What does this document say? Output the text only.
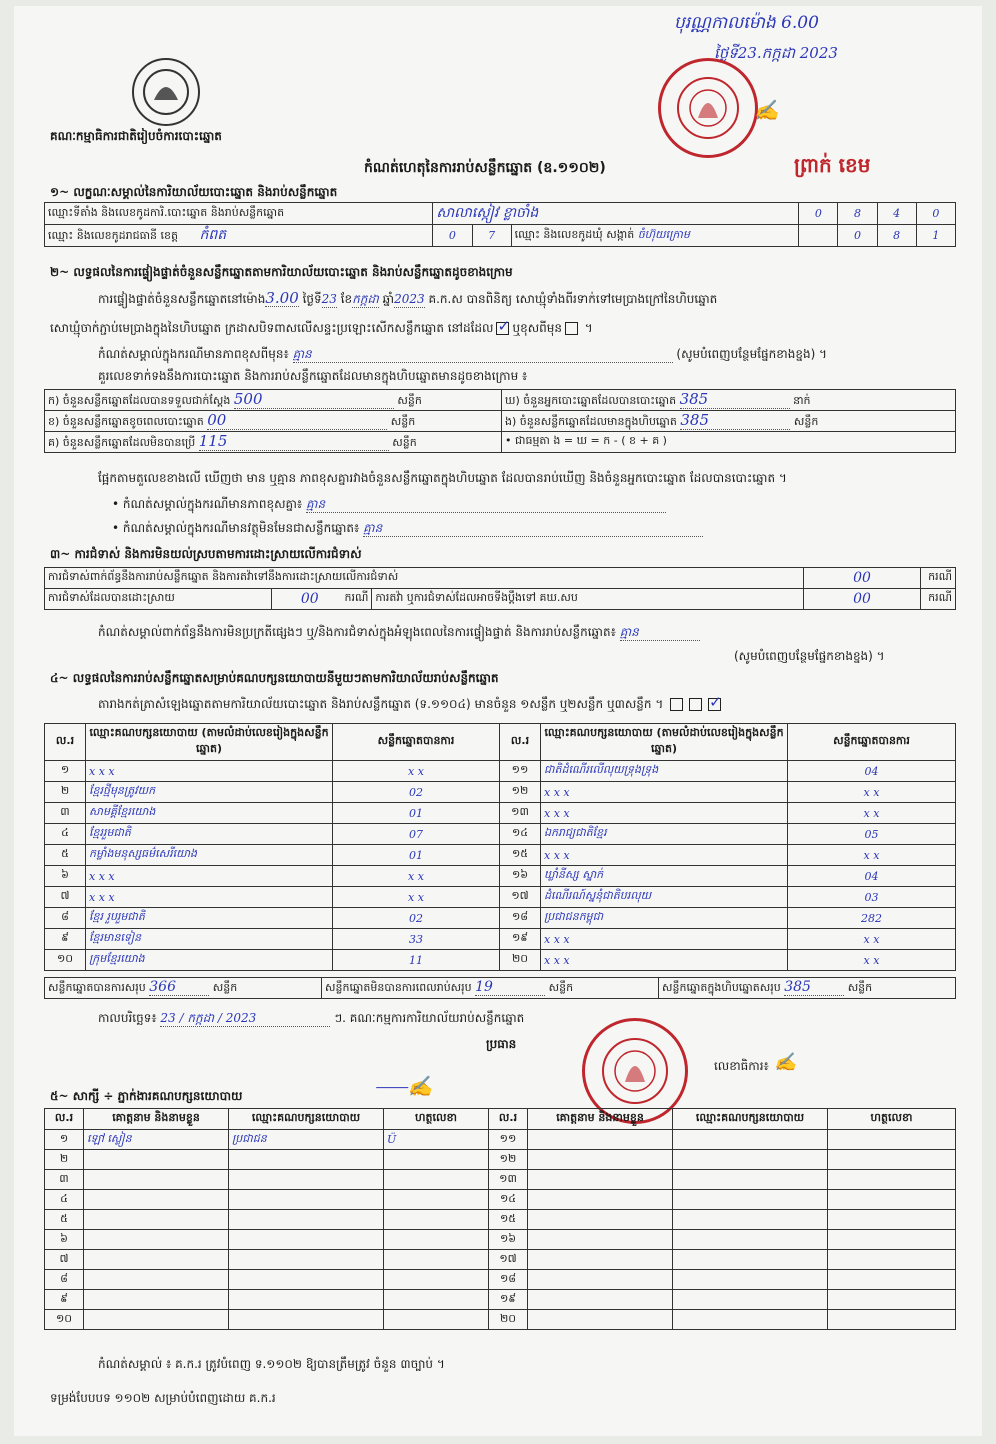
បុរណ្ណកាលម៉ោង 6.00
ថ្ងៃទី23.កក្កដា 2023
គណៈកម្មាធិការជាតិរៀបចំការបោះឆ្នោត
✍
ព្រាក់ ខេម
កំណត់ហេតុនៃការរាប់សន្លឹកឆ្នោត (ឧ.១១០២)
១~ លក្ខណៈសម្គាល់នៃការិយាល័យបោះឆ្នោត និងរាប់សន្លឹកឆ្នោត
ឈ្មោះទីតាំង និងលេខកូដការិ.បោះឆ្នោត និងរាប់សន្លឹកឆ្នោត	សាលាស្កៀវ ខ្លាចាំង			0	8	4	0
ឈ្មោះ និងលេខកូដរាជធានី ខេត្ត កំពត	0	7	ឈ្មោះ និងលេខកូដឃុំ សង្កាត់ ចំហ៊ុយក្រោម		0	8	1
២~ លទ្ធផលនៃការផ្ទៀងផ្ទាត់ចំនួនសន្លឹកឆ្នោតតាមការិយាល័យបោះឆ្នោត និងរាប់សន្លឹកឆ្នោតដូចខាងក្រោម
ការផ្ទៀងផ្ទាត់ចំនួនសន្លឹកឆ្នោតនៅម៉ោង3.00 ថ្ងៃទី23 ខែកក្កដា ឆ្នាំ2023 គ.ក.ស បានពិនិត្យ សោឃ្មុំទាំងពីរទាក់ទៅមេប្រាងក្រៅនៃហិបឆ្នោត
សោឃ្មុំចាក់ភ្ជាប់មេប្រាងក្នុងនៃហិបឆ្នោត ក្រដាសបិទពាសលើសន្ទះប្រឡោះសើកសន្លឹកឆ្នោត នៅដដែល ✓ ឬខុសពីមុន ។
កំណត់សម្គាល់ក្នុងករណីមានភាពខុសពីមុន៖ គ្មាន	(សូមបំពេញបន្ថែមផ្នែកខាងខ្នង) ។
គួរលេខទាក់ទងនឹងការបោះឆ្នោត និងការរាប់សន្លឹកឆ្នោតដែលមានក្នុងហិបឆ្នោតមានដូចខាងក្រោម ៖
ក) ចំនួនសន្លឹកឆ្នោតដែលបានទទួលជាក់ស្តែង 500 សន្លឹក	ឃ) ចំនួនអ្នកបោះឆ្នោតដែលបានបោះឆ្នោត 385 នាក់
ខ) ចំនួនសន្លឹកឆ្នោតខូចពេលបោះឆ្នោត 00 សន្លឹក	ង) ចំនួនសន្លឹកឆ្នោតដែលមានក្នុងហិបឆ្នោត 385 សន្លឹក
គ) ចំនួនសន្លឹកឆ្នោតដែលមិនបានប្រើ 115 សន្លឹក	• ជាធម្មតា ង = ឃ = ក - ( ខ + គ )
ផ្អែកតាមតួលេខខាងលើ ឃើញថា មាន ឬគ្មាន ភាពខុសគ្នារវាងចំនួនសន្លឹកឆ្នោតក្នុងហិបឆ្នោត ដែលបានរាប់ឃើញ និងចំនួនអ្នកបោះឆ្នោត ដែលបានបោះឆ្នោត ។
• កំណត់សម្គាល់ក្នុងករណីមានភាពខុសគ្នា៖ គ្មាន
• កំណត់សម្គាល់ក្នុងករណីមានវត្ថុមិនមែនជាសន្លឹកឆ្នោត៖ គ្មាន
៣~ ការជំទាស់ និងការមិនយល់ស្របតាមការដោះស្រាយលើការជំទាស់
ការជំទាស់ពាក់ព័ន្ធនឹងការរាប់សន្លឹកឆ្នោត និងការតវ៉ាទៅនឹងការដោះស្រាយលើការជំទាស់			00	ករណី
ការជំទាស់ដែលបានដោះស្រាយ	00 ករណី	ការតវ៉ា ឬការជំទាស់ដែលអាចទីងប្តឹងទៅ គឃ.សប	00	ករណី
កំណត់សម្គាល់ពាក់ព័ន្ធនឹងការមិនប្រក្រតីផ្សេងៗ ឬ/និងការជំទាស់ក្នុងអំឡុងពេលនៃការផ្ទៀងផ្ទាត់ និងការរាប់សន្លឹកឆ្នោត៖ គ្មាន
(សូមបំពេញបន្ថែមផ្នែកខាងខ្នង) ។
៤~ លទ្ធផលនៃការរាប់សន្លឹកឆ្នោតសម្រាប់គណបក្សនយោបាយនីមួយៗតាមការិយាល័យរាប់សន្លឹកឆ្នោត
តារាងកត់ត្រាសំឡេងឆ្នោតតាមការិយាល័យបោះឆ្នោត និងរាប់សន្លឹកឆ្នោត (ទ.១១០៤) មានចំនួន ១សន្លឹក ឬ២សន្លឹក ឬ៣សន្លឹក ។ ✓
ល.រ	ឈ្មោះគណបក្សនយោបាយ (តាមលំដាប់លេខរៀងក្នុងសន្លឹកឆ្នោត)	សន្លឹកឆ្នោតបានការ	ល.រ	ឈ្មោះគណបក្សនយោបាយ (តាមលំដាប់លេខរៀងក្នុងសន្លឹកឆ្នោត)	សន្លឹកឆ្នោតបានការ
១	x x x	x x	១១	ជាតិដំណើរលើលុយទ្រុងទ្រុង	04
២	ខ្មែរថ្មីមុនត្រូវយក	02	១២	x x x	x x
៣	សាមគ្គីខ្មែរយោង	01	១៣	x x x	x x
៤	ខ្មែររួមជាតិ	07	១៤	ឯករាជ្យជាតិខ្មែរ	05
៥	កម្លាំងមនុស្សធម៌សេរីយោង	01	១៥	x x x	x x
៦	x x x	x x	១៦	ឃ្លាំនីស្ស ស្នាក់	04
៧	x x x	x x	១៧	ដំណើរណ៍ស្ននុំជាតិបរលុយ	03
៨	ខ្មែរ រួបរួមជាតិ	02	១៨	ប្រជាជនកម្ពុជា	282
៩	ខ្មែរមានទៀន	33	១៩	x x x	x x
១០	ក្រុមខ្មែរយោង	11	២០	x x x	x x
សន្លឹកឆ្នោតបានការសរុប 366	សន្លឹក	សន្លឹកឆ្នោតមិនបានការពេលរាប់សរុប 19	សន្លឹក	សន្លឹកឆ្នោតក្នុងហិបឆ្នោតសរុប 385	សន្លឹក
កាលបរិច្ឆេទ៖ 23 / កក្កដា / 2023	ៗ. គណៈកម្មការការិយាល័យរាប់សន្លឹកឆ្នោត
ប្រធាន
⸺✍
លេខាធិការ៖ ✍
៥~ សាក្សី ÷ ភ្នាក់ងារគណបក្សនយោបាយ
ល.រ	គោត្តនាម និងនាមខ្លួន	ឈ្មោះគណបក្សនយោបាយ	ហត្ថលេខា	ល.រ	គោត្តនាម និងនាមខ្លួន	ឈ្មោះគណបក្សនយោបាយ	ហត្ថលេខា
១	ឡៅ ស្លៀន	ប្រជាជន	Ü	១១			
២				១២			
៣				១៣			
៤				១៤			
៥				១៥			
៦				១៦			
៧				១៧			
៨				១៨			
៩				១៩			
១០				២០			
កំណត់សម្គាល់ ៖ គ.ក.រ ត្រូវបំពេញ ទ.១១០២ ឱ្យបានត្រឹមត្រូវ ចំនួន ៣ច្បាប់ ។
ទម្រង់បែបបទ ១១០២ សម្រាប់បំពេញដោយ គ.ក.រ
